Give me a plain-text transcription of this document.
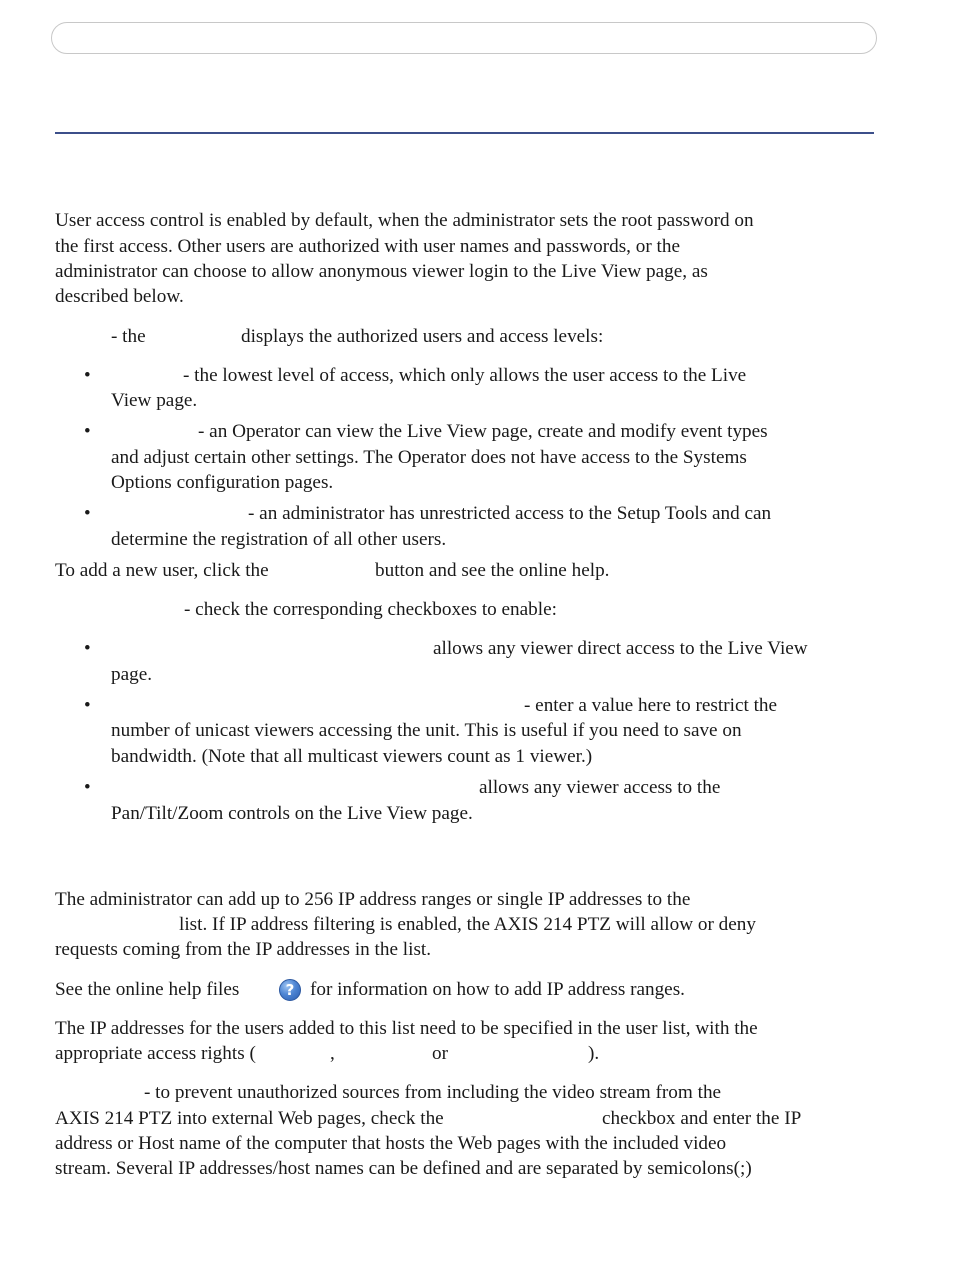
User access control is enabled by default, when the administrator sets the root password on

the first access. Other users are authorized with user names and passwords, or the

administrator can choose to allow anonymous viewer login to the Live View page, as

described below.

- the	displays the authorized users and access levels:

•	- the lowest level of access, which only allows the user access to the Live

View page.

•	- an Operator can view the Live View page, create and modify event types

and adjust certain other settings. The Operator does not have access to the Systems

Options configuration pages.

•	- an administrator has unrestricted access to the Setup Tools and can

determine the registration of all other users.

To add a new user, click the	button and see the online help.

- check the corresponding checkboxes to enable:

•	allows any viewer direct access to the Live View

page.

•	- enter a value here to restrict the

number of unicast viewers accessing the unit. This is useful if you need to save on

bandwidth. (Note that all multicast viewers count as 1 viewer.)

•	allows any viewer access to the

Pan/Tilt/Zoom controls on the Live View page.

The administrator can add up to 256 IP address ranges or single IP addresses to the

list. If IP address filtering is enabled, the AXIS 214 PTZ will allow or deny

requests coming from the IP addresses in the list.

See the online help files	? for information on how to add IP address ranges.

The IP addresses for the users added to this list need to be specified in the user list, with the

appropriate access rights (	,	or	).

- to prevent unauthorized sources from including the video stream from the

AXIS 214 PTZ into external Web pages, check the	checkbox and enter the IP

address or Host name of the computer that hosts the Web pages with the included video

stream. Several IP addresses/host names can be defined and are separated by semicolons(;)
